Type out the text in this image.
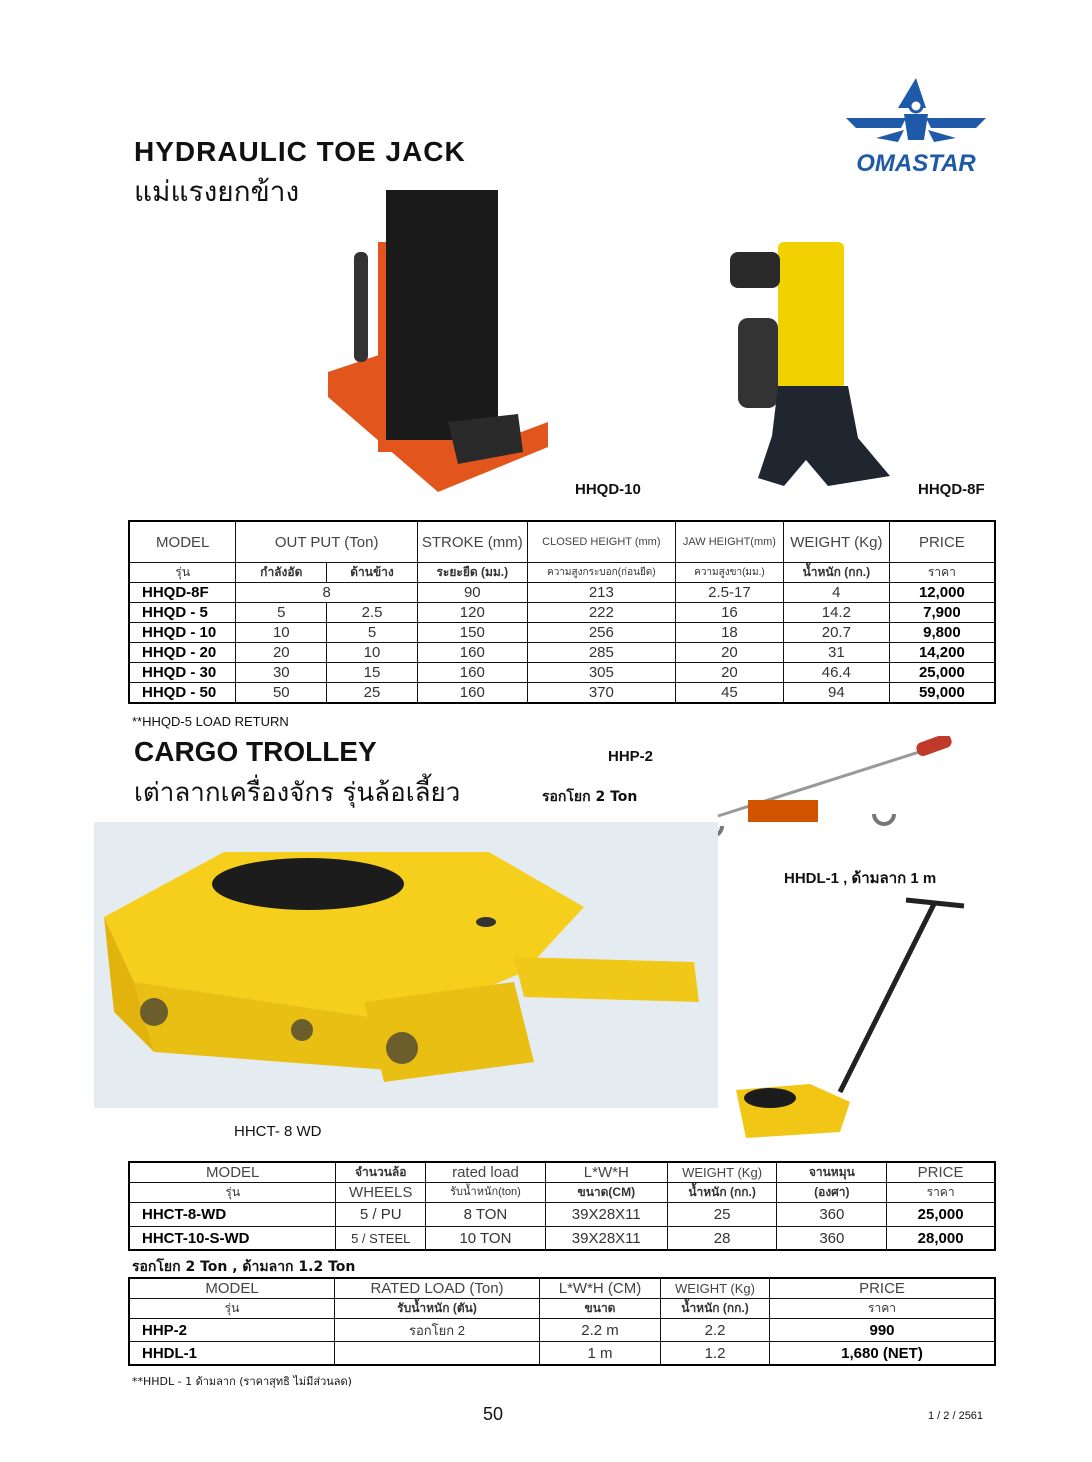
OMASTAR
HYDRAULIC TOE JACK
แม่แรงยกข้าง
HHQD-10	HHQD-8F
MODEL	OUT PUT (Ton)		STROKE (mm)	CLOSED HEIGHT (mm)	JAW HEIGHT(mm)	WEIGHT (Kg)	PRICE
รุ่น	กำลังอัด	ด้านข้าง	ระยะยืด (มม.)	ความสูงกระบอก(ก่อนยืด)	ความสูงขา(มม.)	น้ำหนัก (กก.)	ราคา
HHQD-8F	8		90	213	2.5-17	4	12,000
HHQD - 5	5	2.5	120	222	16	14.2	7,900
HHQD - 10	10	5	150	256	18	20.7	9,800
HHQD - 20	20	10	160	285	20	31	14,200
HHQD - 30	30	15	160	305	20	46.4	25,000
HHQD - 50	50	25	160	370	45	94	59,000
**HHQD-5 LOAD RETURN
CARGO TROLLEY
เต่าลากเครื่องจักร รุ่นล้อเลี้ยว
HHP-2
รอกโยก 2 Ton
HHDL-1 , ด้ามลาก 1 m
HHCT- 8 WD
MODEL	จำนวนล้อ	rated load	L*W*H	WEIGHT (Kg)	จานหมุน	PRICE
รุ่น	WHEELS	รับน้ำหนัก(ton)	ขนาด(CM)	น้ำหนัก (กก.)	(องศา)	ราคา
HHCT-8-WD	5 / PU	8 TON	39X28X11	25	360	25,000
HHCT-10-S-WD	5 / STEEL	10 TON	39X28X11	28	360	28,000
รอกโยก 2 Ton , ด้ามลาก 1.2 Ton
MODEL	RATED LOAD (Ton)	L*W*H (CM)	WEIGHT (Kg)	PRICE
รุ่น	รับน้ำหนัก (ตัน)	ขนาด	น้ำหนัก (กก.)	ราคา
HHP-2	รอกโยก 2	2.2 m	2.2	990
HHDL-1		1 m	1.2	1,680 (NET)
**HHDL - 1 ด้ามลาก (ราคาสุทธิ ไม่มีส่วนลด)
50	1 / 2 / 2561
